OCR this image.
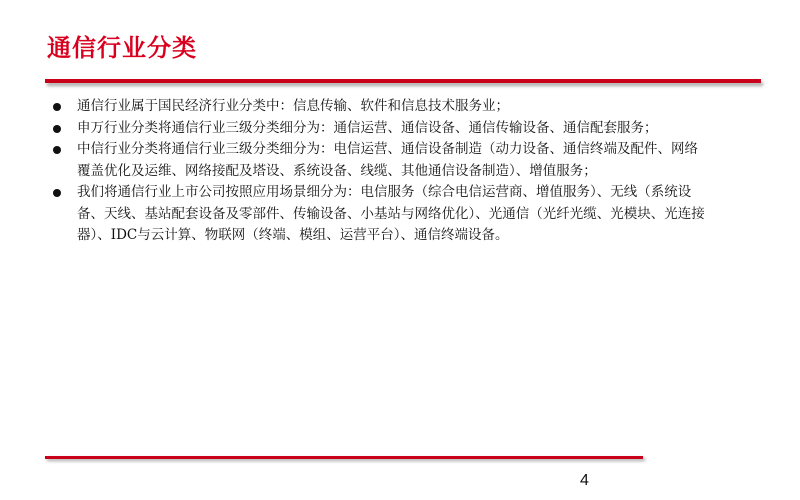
通信行业分类
通信行业属于国民经济行业分类中：信息传输、软件和信息技术服务业；
申万行业分类将通信行业三级分类细分为：通信运营、通信设备、通信传输设备、通信配套服务；
中信行业分类将通信行业三级分类细分为：电信运营、通信设备制造（动力设备、通信终端及配件、网络覆盖优化及运维、网络接配及塔设、系统设备、线缆、其他通信设备制造）、增值服务；
我们将通信行业上市公司按照应用场景细分为：电信服务（综合电信运营商、增值服务）、无线（系统设备、天线、基站配套设备及零部件、传输设备、小基站与网络优化）、光通信（光纤光缆、光模块、光连接器）、IDC与云计算、物联网（终端、模组、运营平台）、通信终端设备。
4
